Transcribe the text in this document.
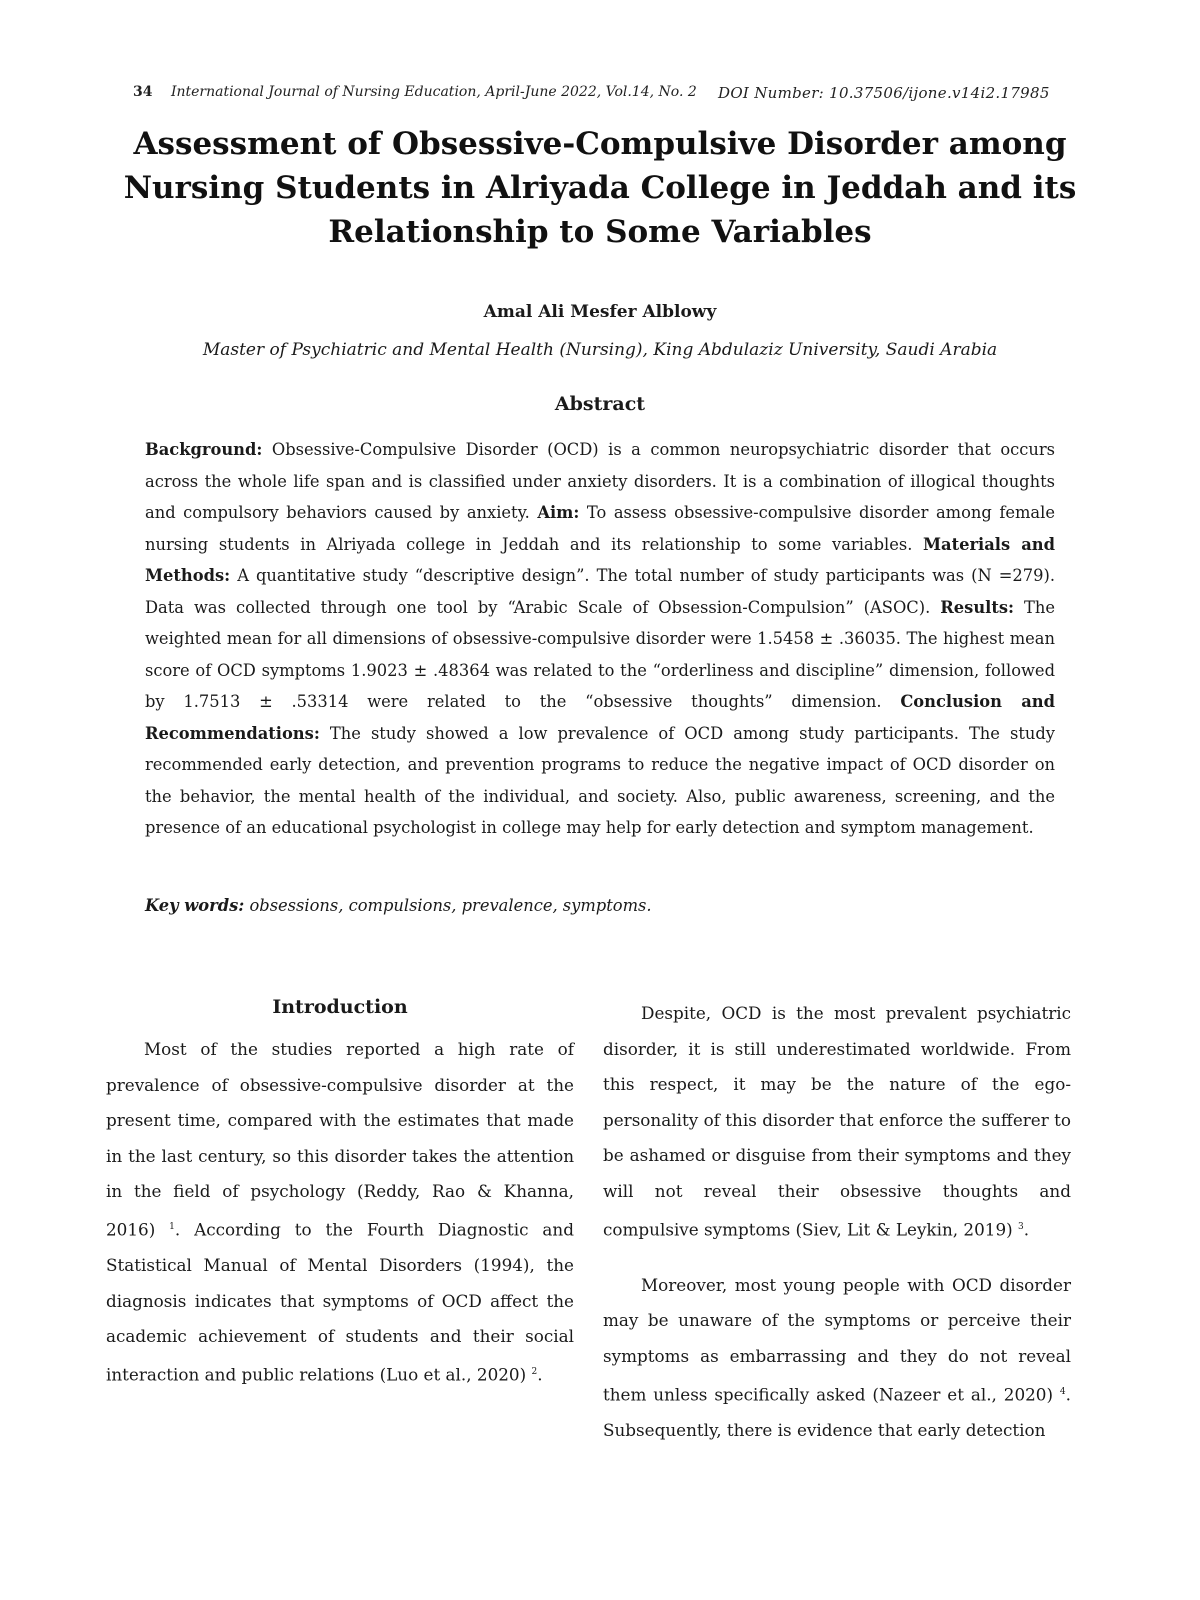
34 International Journal of Nursing Education, April-June 2022, Vol.14, No. 2 DOI Number: 10.37506/ijone.v14i2.17985
Assessment of Obsessive-Compulsive Disorder among Nursing Students in Alriyada College in Jeddah and its Relationship to Some Variables

Amal Ali Mesfer Alblowy

Master of Psychiatric and Mental Health (Nursing), King Abdulaziz University, Saudi Arabia

Abstract

Background: Obsessive-Compulsive Disorder (OCD) is a common neuropsychiatric disorder that occurs across the whole life span and is classified under anxiety disorders. It is a combination of illogical thoughts and compulsory behaviors caused by anxiety. Aim: To assess obsessive-compulsive disorder among female nursing students in Alriyada college in Jeddah and its relationship to some variables. Materials and Methods: A quantitative study “descriptive design”. The total number of study participants was (N =279). Data was collected through one tool by “Arabic Scale of Obsession-Compulsion” (ASOC). Results: The weighted mean for all dimensions of obsessive-compulsive disorder were 1.5458 ± .36035. The highest mean score of OCD symptoms 1.9023 ± .48364 was related to the “orderliness and discipline” dimension, followed by 1.7513 ± .53314 were related to the “obsessive thoughts” dimension. Conclusion and Recommendations: The study showed a low prevalence of OCD among study participants. The study recommended early detection, and prevention programs to reduce the negative impact of OCD disorder on the behavior, the mental health of the individual, and society. Also, public awareness, screening, and the presence of an educational psychologist in college may help for early detection and symptom management.

Key words: obsessions, compulsions, prevalence, symptoms.

Introduction

Most of the studies reported a high rate of prevalence of obsessive-compulsive disorder at the present time, compared with the estimates that made in the last century, so this disorder takes the attention in the field of psychology (Reddy, Rao & Khanna, 2016) $^1$. According to the Fourth Diagnostic and Statistical Manual of Mental Disorders (1994), the diagnosis indicates that symptoms of OCD affect the academic achievement of students and their social interaction and public relations (Luo et al., 2020) $^2$.

Despite, OCD is the most prevalent psychiatric disorder, it is still underestimated worldwide. From this respect, it may be the nature of the ego-personality of this disorder that enforce the sufferer to be ashamed or disguise from their symptoms and they will not reveal their obsessive thoughts and compulsive symptoms (Siev, Lit & Leykin, 2019) $^3$.

Moreover, most young people with OCD disorder may be unaware of the symptoms or perceive their symptoms as embarrassing and they do not reveal them unless specifically asked (Nazeer et al., 2020) $^4$. Subsequently, there is evidence that early detection
